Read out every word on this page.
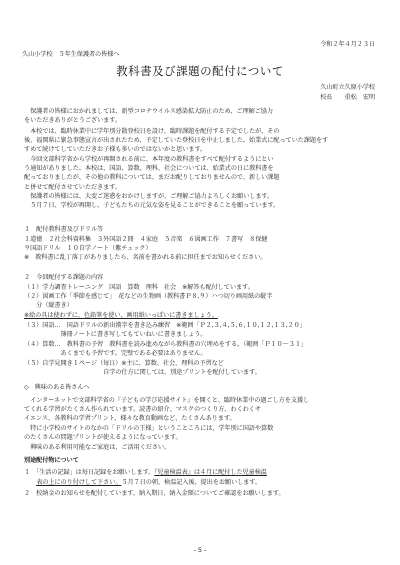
令和２年４月２３日
久山小学校　５年生保護者の皆様へ
教科書及び課題の配付について
久山町立久原小学校
校長　　重松　宏明
　保護者の皆様におかれましては、新型コロナウイルス感染拡大防止のため、ご理解ご協力
をいただきありがとうございます。
　本校では、臨時休業中に学年別分散登校日を設け、臨時課題を配付する予定でしたが、その
後、福岡県に緊急事態宣言が出されたため、予定していた登校日を中止しました。始業式に配っていた課題をす
すめて続けてしていただきお子様も多いのではないかと思います。
　今回文部科学省から学校が再開される前に、本年度の教科書をすべて配付するようにとい
う通知がありました。本校は、国語、算数、理科、社会については、始業式の日に教科書を
配っておりましたが、その他の教科については、まだお配りしておりませんので、新しい課題
と併せて配付させていただきます。
　保護者の皆様には、大変ご迷惑をおかけしますが、ご理解ご協力よろしくお願いします。
　５月７日、学校が再開し、子どもたちの元気な姿を見ることができることを願っています。
１　配付教科書及びドリル等
１道徳　２社会科資料集　３外国語２冊　４家庭　５音楽　６図画工作　７書写　８保健
９国語ドリル　１０自学ノート（紫チェック）
※　教科書に乱丁落丁がありましたら、名前を書かれる前に担任までお知らせください。
２　今回配付する課題の内容
（１）学力調査トレーニング　国語　算数　理科　社会　※解答も配付しています。
（２）図画工作「季節を感じて」　花などの生物画（教科書Ｐ８,９）ハつ切り画用紙の縦半
　　分（縦書き）
※絵の具は使わずに、色鉛筆を使い、画用紙いっぱいに書きましょう。
（３）国語…　国語ドリルの新出漢字を書き込み練習　※範囲「Ｐ２,３,４,５,６,１０,１２,１３,２０」
　　　　　　簿冊ノートに書き写してもていねいに書きましょう。
（４）算数…　教科書の予習　教科書を読み進めながら教科書の穴埋めをする。（範囲「Ｐ１０～３１」
　　　　　　あくまでも予習です。完璧である必要はありません。
（５）自学見開き１ページ（毎日）※主に、算数、社会、理科の予習など
　　　　　　　　　　　　　自学の仕方に関しては、別途プリントを配付しています。
◇　興味のある皆さんへ
　インターネットで文部科学省の『子どもの学び応援サイト』を開くと、臨時休業中の過ごし方を支援し
てくれる学習がたくさん作られています。読書の紹介、マスクのつくり方、わくわくサ
イエンス、各教科の学習プリント、様々な教育動画など、たくさんあります。
　特に小学校のサイトのなかの「ドリルの王様」ということころには、学年別に国語や算数
のたくさんの問題プリントが使えるようになっています。
　興味のある利用可能なご家庭は、ご活用ください。
別途配付物について
１　「生活の記録」は毎日記録をお願いします。『児童検温表』は４月に配付した児童検温
　　表の上にのり付けして下さい。５月７日の朝、検温記入後、提出をお願いします。
２　校納金のお知らせを配付しています。納入期日、納入金額についてご確認をお願いします。
- 5 -
